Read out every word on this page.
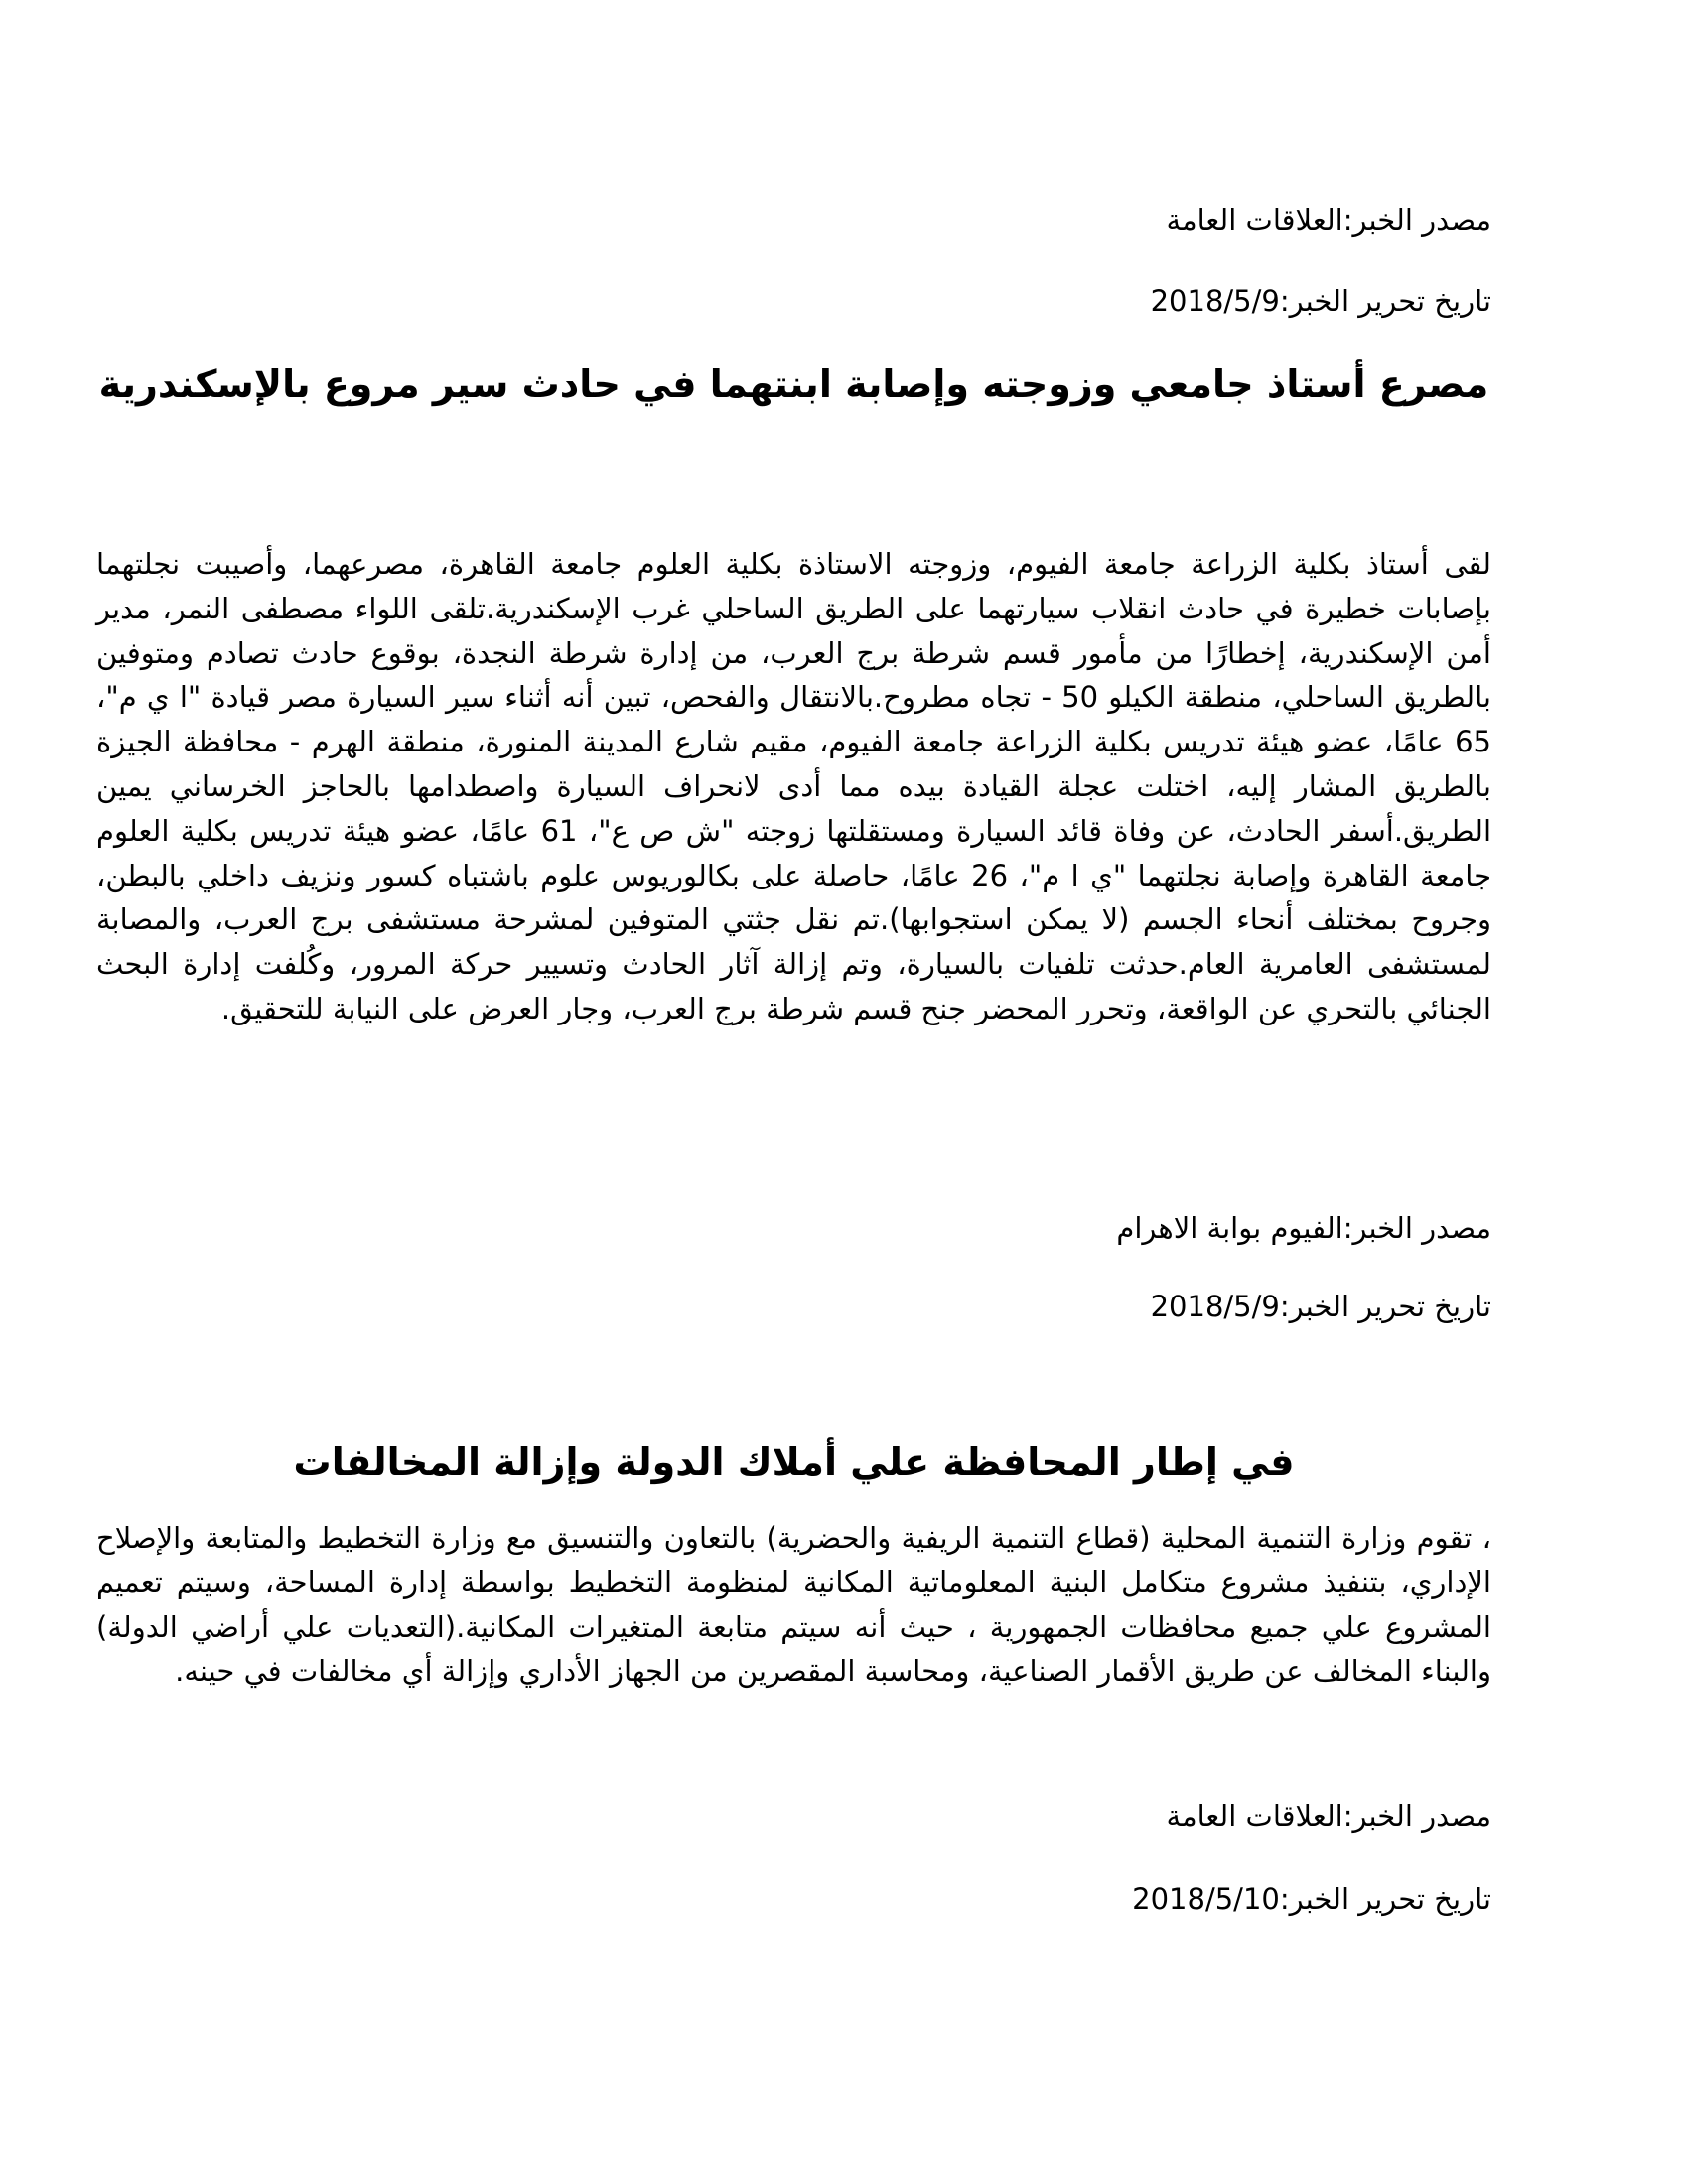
مصدر الخبر:العلاقات العامة

تاريخ تحرير الخبر:2018/5/9

مصرع أستاذ جامعي وزوجته وإصابة ابنتهما في حادث سير مروع بالإسكندرية

لقى أستاذ بكلية الزراعة جامعة الفيوم، وزوجته الاستاذة بكلية العلوم جامعة القاهرة، مصرعهما، وأصيبت نجلتهما بإصابات خطيرة في حادث انقلاب سيارتهما على الطريق الساحلي غرب الإسكندرية.تلقى اللواء مصطفى النمر، مدير أمن الإسكندرية، إخطارًا من مأمور قسم شرطة برج العرب، من إدارة شرطة النجدة، بوقوع حادث تصادم ومتوفين بالطريق الساحلي، منطقة الكيلو 50 - تجاه مطروح.بالانتقال والفحص، تبين أنه أثناء سير السيارة مصر قيادة "ا ي م"، 65 عامًا، عضو هيئة تدريس بكلية الزراعة جامعة الفيوم، مقيم شارع المدينة المنورة، منطقة الهرم - محافظة الجيزة بالطريق المشار إليه، اختلت عجلة القيادة بيده مما أدى لانحراف السيارة واصطدامها بالحاجز الخرساني يمين الطريق.أسفر الحادث، عن وفاة قائد السيارة ومستقلتها زوجته "ش ص ع"، 61 عامًا، عضو هيئة تدريس بكلية العلوم جامعة القاهرة وإصابة نجلتهما "ي ا م"، 26 عامًا، حاصلة على بكالوريوس علوم باشتباه كسور ونزيف داخلي بالبطن، وجروح بمختلف أنحاء الجسم (لا يمكن استجوابها).تم نقل جثتي المتوفين لمشرحة مستشفى برج العرب، والمصابة لمستشفى العامرية العام.حدثت تلفيات بالسيارة، وتم إزالة آثار الحادث وتسيير حركة المرور، وكُلفت إدارة البحث الجنائي بالتحري عن الواقعة، وتحرر المحضر جنح قسم شرطة برج العرب، وجار العرض على النيابة للتحقيق.

مصدر الخبر:الفيوم بوابة الاهرام

تاريخ تحرير الخبر:2018/5/9

في إطار المحافظة علي أملاك الدولة وإزالة المخالفات

، تقوم وزارة التنمية المحلية (قطاع التنمية الريفية والحضرية) بالتعاون والتنسيق مع وزارة التخطيط والمتابعة والإصلاح الإداري، بتنفيذ مشروع متكامل البنية المعلوماتية المكانية لمنظومة التخطيط بواسطة إدارة المساحة، وسيتم تعميم المشروع علي جميع محافظات الجمهورية ، حيث أنه سيتم متابعة المتغيرات المكانية.(التعديات علي أراضي الدولة) والبناء المخالف عن طريق الأقمار الصناعية، ومحاسبة المقصرين من الجهاز الأداري وإزالة أي مخالفات في حينه.

مصدر الخبر:العلاقات العامة

تاريخ تحرير الخبر:2018/5/10
